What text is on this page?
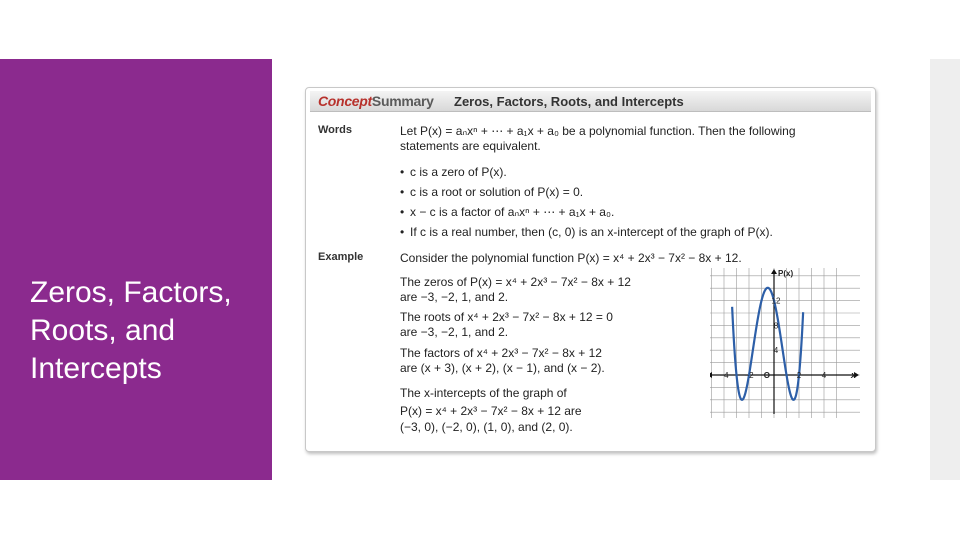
Zeros, Factors,
Roots, and
Intercepts
ConceptSummary Zeros, Factors, Roots, and Intercepts
Words	Let P(x) = aₙxⁿ + ⋯ + a₁x + a₀ be a polynomial function. Then the following
statements are equivalent.
• c is a zero of P(x).
• c is a root or solution of P(x) = 0.
• x − c is a factor of aₙxⁿ + ⋯ + a₁x + a₀.
• If c is a real number, then (c, 0) is an x-intercept of the graph of P(x).
Example	Consider the polynomial function P(x) = x⁴ + 2x³ − 7x² − 8x + 12.
The zeros of P(x) = x⁴ + 2x³ − 7x² − 8x + 12
are −3, −2, 1, and 2.
The roots of x⁴ + 2x³ − 7x² − 8x + 12 = 0
are −3, −2, 1, and 2.
The factors of x⁴ + 2x³ − 7x² − 8x + 12
are (x + 3), (x + 2), (x − 1), and (x − 2).
The x-intercepts of the graph of
P(x) = x⁴ + 2x³ − 7x² − 8x + 12 are
(−3, 0), (−2, 0), (1, 0), and (2, 0).
12
8
4
−4 −2	2	4
O
P(x)
x
